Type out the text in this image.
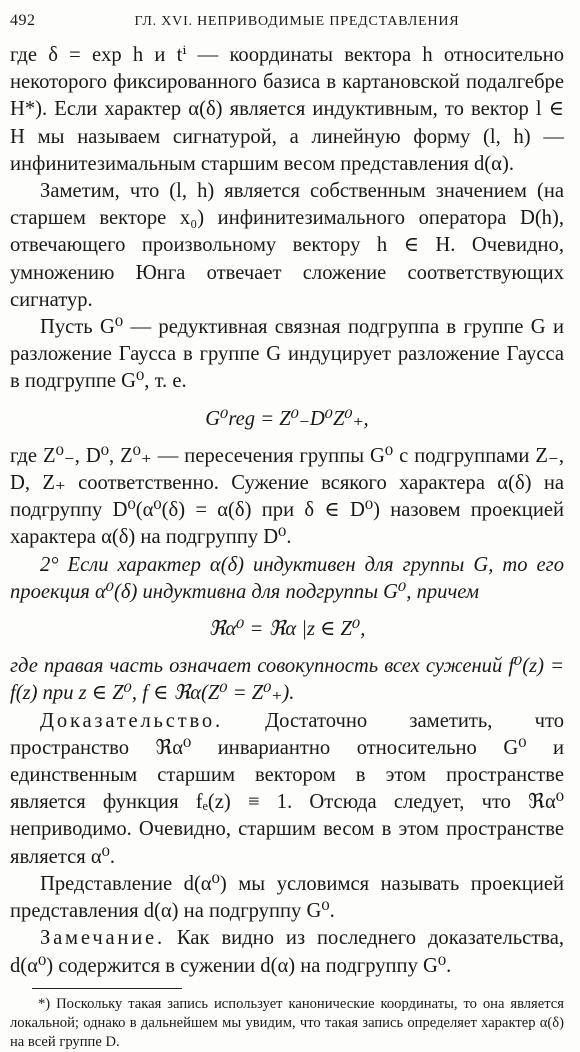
492	ГЛ. XVI. НЕПРИВОДИМЫЕ ПРЕДСТАВЛЕНИЯ

где δ = exp h и tⁱ — координаты вектора h относительно некоторого фиксированного базиса в картановской подалгебре H*). Если характер α(δ) является индуктивным, то вектор l ∈ H мы называем сигнатурой, а линейную форму (l, h) — инфинитезимальным старшим весом представления d(α).

Заметим, что (l, h) является собственным значением (на старшем векторе x₀) инфинитезимального оператора D(h), отвечающего произвольному вектору h ∈ H. Очевидно, умножению Юнга отвечает сложение соответствующих сигнатур.

Пусть G⁰ — редуктивная связная подгруппа в группе G и разложение Гаусса в группе G индуцирует разложение Гаусса в подгруппе G⁰, т. е.

G⁰reg = Z⁰₋D⁰Z⁰₊,

где Z⁰₋, D⁰, Z⁰₊ — пересечения группы G⁰ с подгруппами Z₋, D, Z₊ соответственно. Сужение всякого характера α(δ) на подгруппу D⁰(α⁰(δ) = α(δ) при δ ∈ D⁰) назовем проекцией характера α(δ) на подгруппу D⁰.

2° Если характер α(δ) индуктивен для группы G, то его проекция α⁰(δ) индуктивна для подгруппы G⁰, причем

ℜα⁰ = ℜα |z ∈ Z⁰,

где правая часть означает совокупность всех сужений f⁰(z) = f(z) при z ∈ Z⁰, f ∈ ℜα(Z⁰ = Z⁰₊).

Доказательство. Достаточно заметить, что пространство ℜα⁰ инвариантно относительно G⁰ и единственным старшим вектором в этом пространстве является функция fₑ(z) ≡ 1. Отсюда следует, что ℜα⁰ неприводимо. Очевидно, старшим весом в этом пространстве является α⁰.

Представление d(α⁰) мы условимся называть проекцией представления d(α) на подгруппу G⁰.

Замечание. Как видно из последнего доказательства, d(α⁰) содержится в сужении d(α) на подгруппу G⁰.

*) Поскольку такая запись использует канонические координаты, то она является локальной; однако в дальнейшем мы увидим, что такая запись определяет характер α(δ) на всей группе D.
